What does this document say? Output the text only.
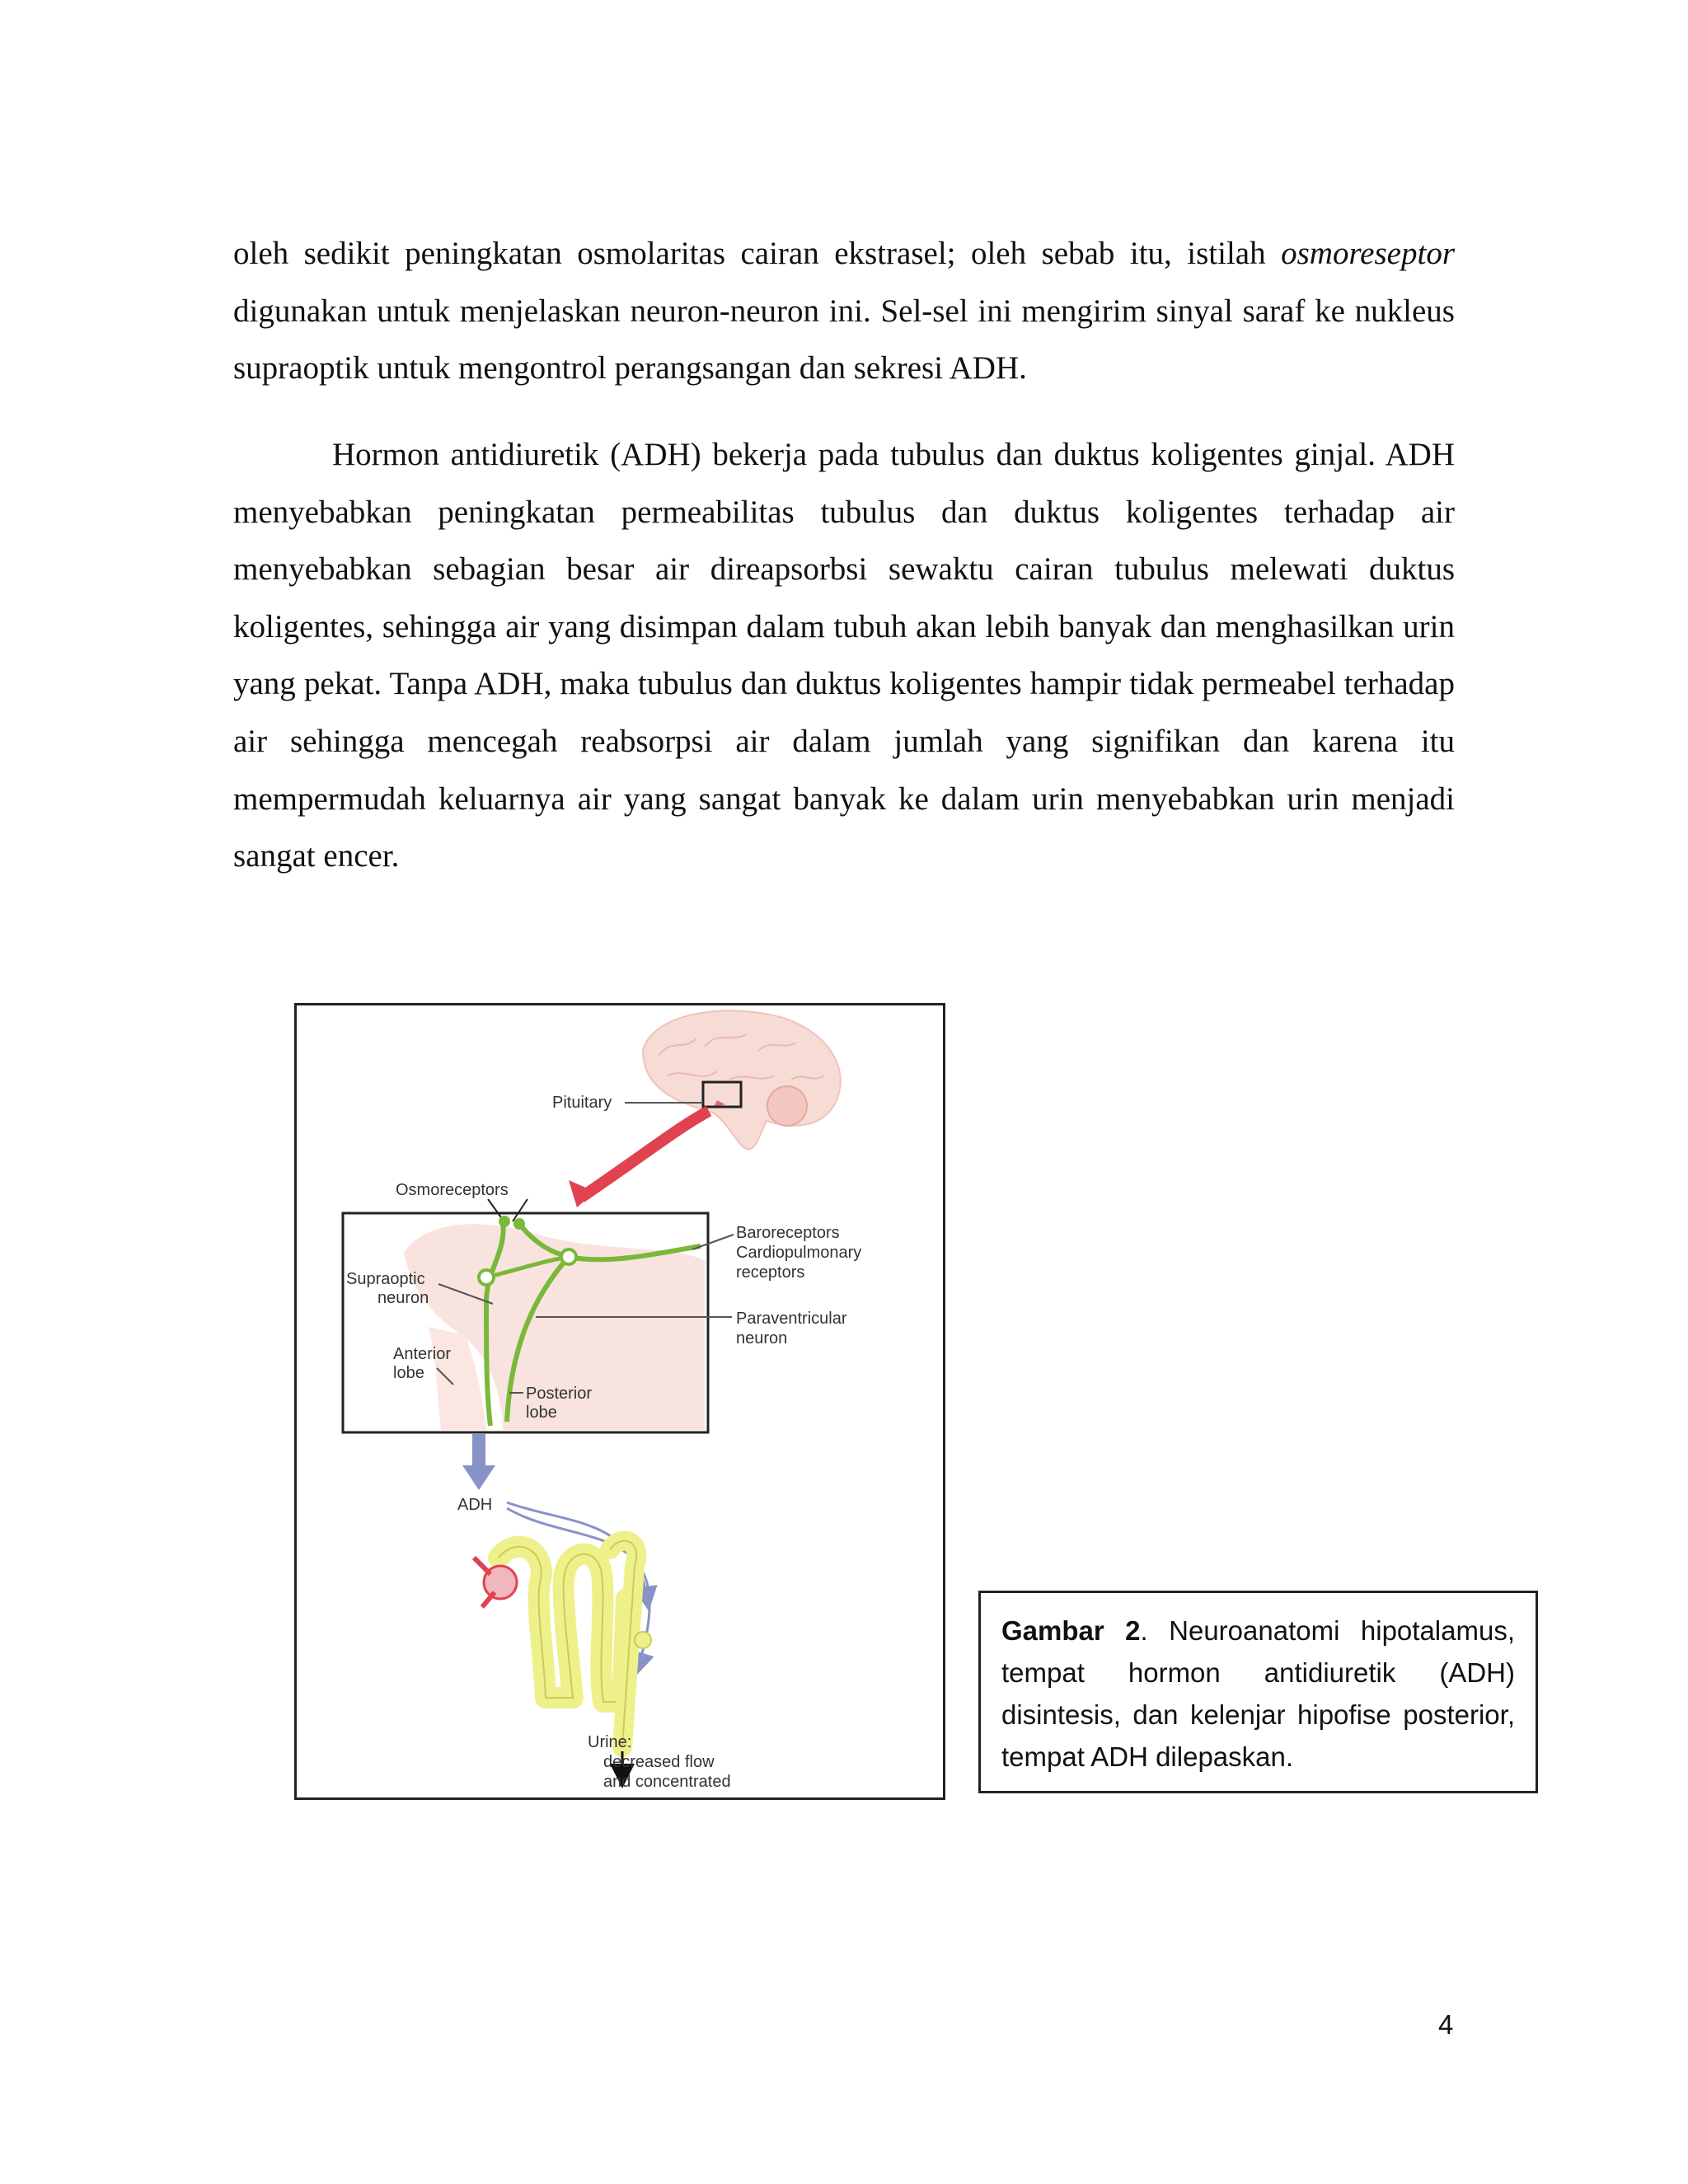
oleh sedikit peningkatan osmolaritas cairan ekstrasel; oleh sebab itu, istilah osmoreseptor digunakan untuk menjelaskan neuron-neuron ini. Sel-sel ini mengirim sinyal saraf ke nukleus supraoptik untuk mengontrol perangsangan dan sekresi ADH.

Hormon antidiuretik (ADH) bekerja pada tubulus dan duktus koligentes ginjal. ADH menyebabkan peningkatan permeabilitas tubulus dan duktus koligentes terhadap air menyebabkan sebagian besar air direapsorbsi sewaktu cairan tubulus melewati duktus koligentes, sehingga air yang disimpan dalam tubuh akan lebih banyak dan menghasilkan urin yang pekat. Tanpa ADH, maka tubulus dan duktus koligentes hampir tidak permeabel terhadap air sehingga mencegah reabsorpsi air dalam jumlah yang signifikan dan karena itu mempermudah keluarnya air yang sangat banyak ke dalam urin menyebabkan urin menjadi sangat encer.

Pituitary
Osmoreceptors
Baroreceptors
Cardiopulmonary
receptors
Supraoptic
neuron
Paraventricular
neuron
Anterior
lobe
Posterior
lobe
ADH
Urine:
decreased flow
and concentrated
Gambar 2. Neuroanatomi hipotalamus, tempat hormon antidiuretik (ADH) disintesis, dan kelenjar hipofise posterior, tempat ADH dilepaskan.
4
